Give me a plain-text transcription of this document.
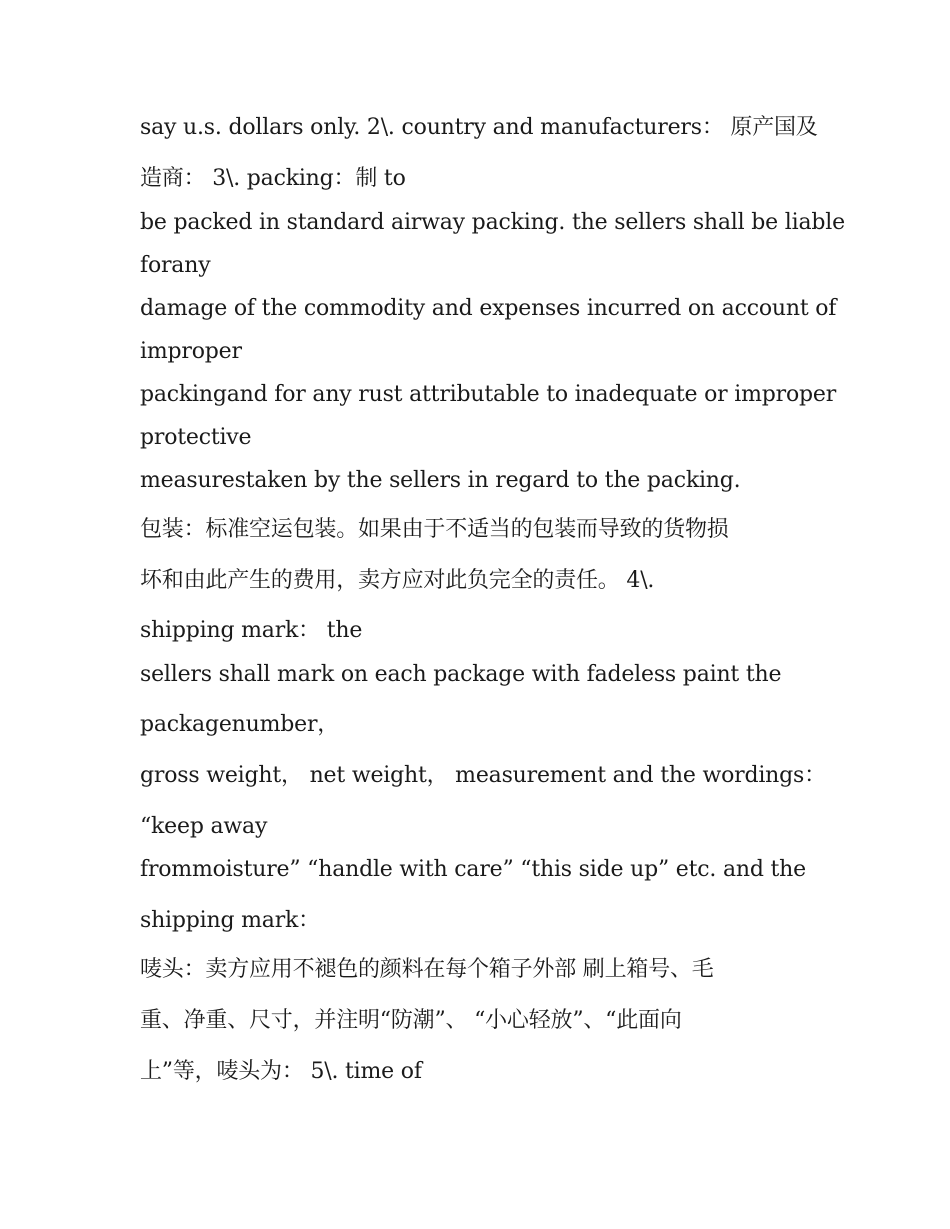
say u.s. dollars only. 2\. country and manufacturers： 原产国及
造商： 3\. packing：制 to
be packed in standard airway packing. the sellers shall be liable
forany
damage of the commodity and expenses incurred on account of
improper
packingand for any rust attributable to inadequate or improper
protective
measurestaken by the sellers in regard to the packing.
包装：标准空运包装。如果由于不适当的包装而导致的货物损
坏和由此产生的费用，卖方应对此负完全的责任。 4\.
shipping mark： the
sellers shall mark on each package with fadeless paint the
packagenumber，
gross weight， net weight， measurement and the wordings：
“keep away
frommoisture” “handle with care” “this side up” etc. and the
shipping mark：
唛头：卖方应用不褪色的颜料在每个箱子外部 刷上箱号、毛
重、净重、尺寸，并注明“防潮”、 “小心轻放”、“此面向
上”等，唛头为： 5\. time of
